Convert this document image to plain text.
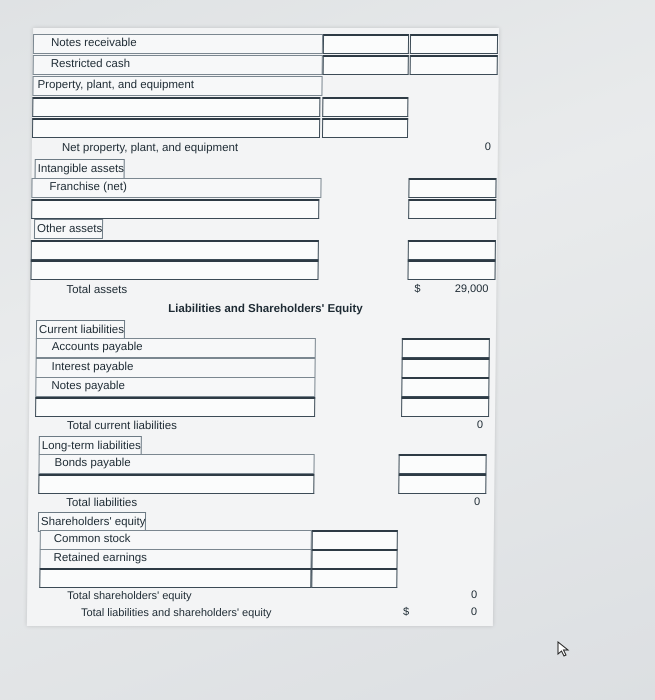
Notes receivable
Restricted cash
Property, plant, and equipment
Net property, plant, and equipment	0
Intangible assets
Franchise (net)
Other assets
Total assets	$	29,000
Liabilities and Shareholders' Equity
Current liabilities
Accounts payable
Interest payable
Notes payable
Total current liabilities	0
Long-term liabilities
Bonds payable
Total liabilities	0
Shareholders' equity
Common stock
Retained earnings
Total shareholders' equity	0
Total liabilities and shareholders' equity	$	0
